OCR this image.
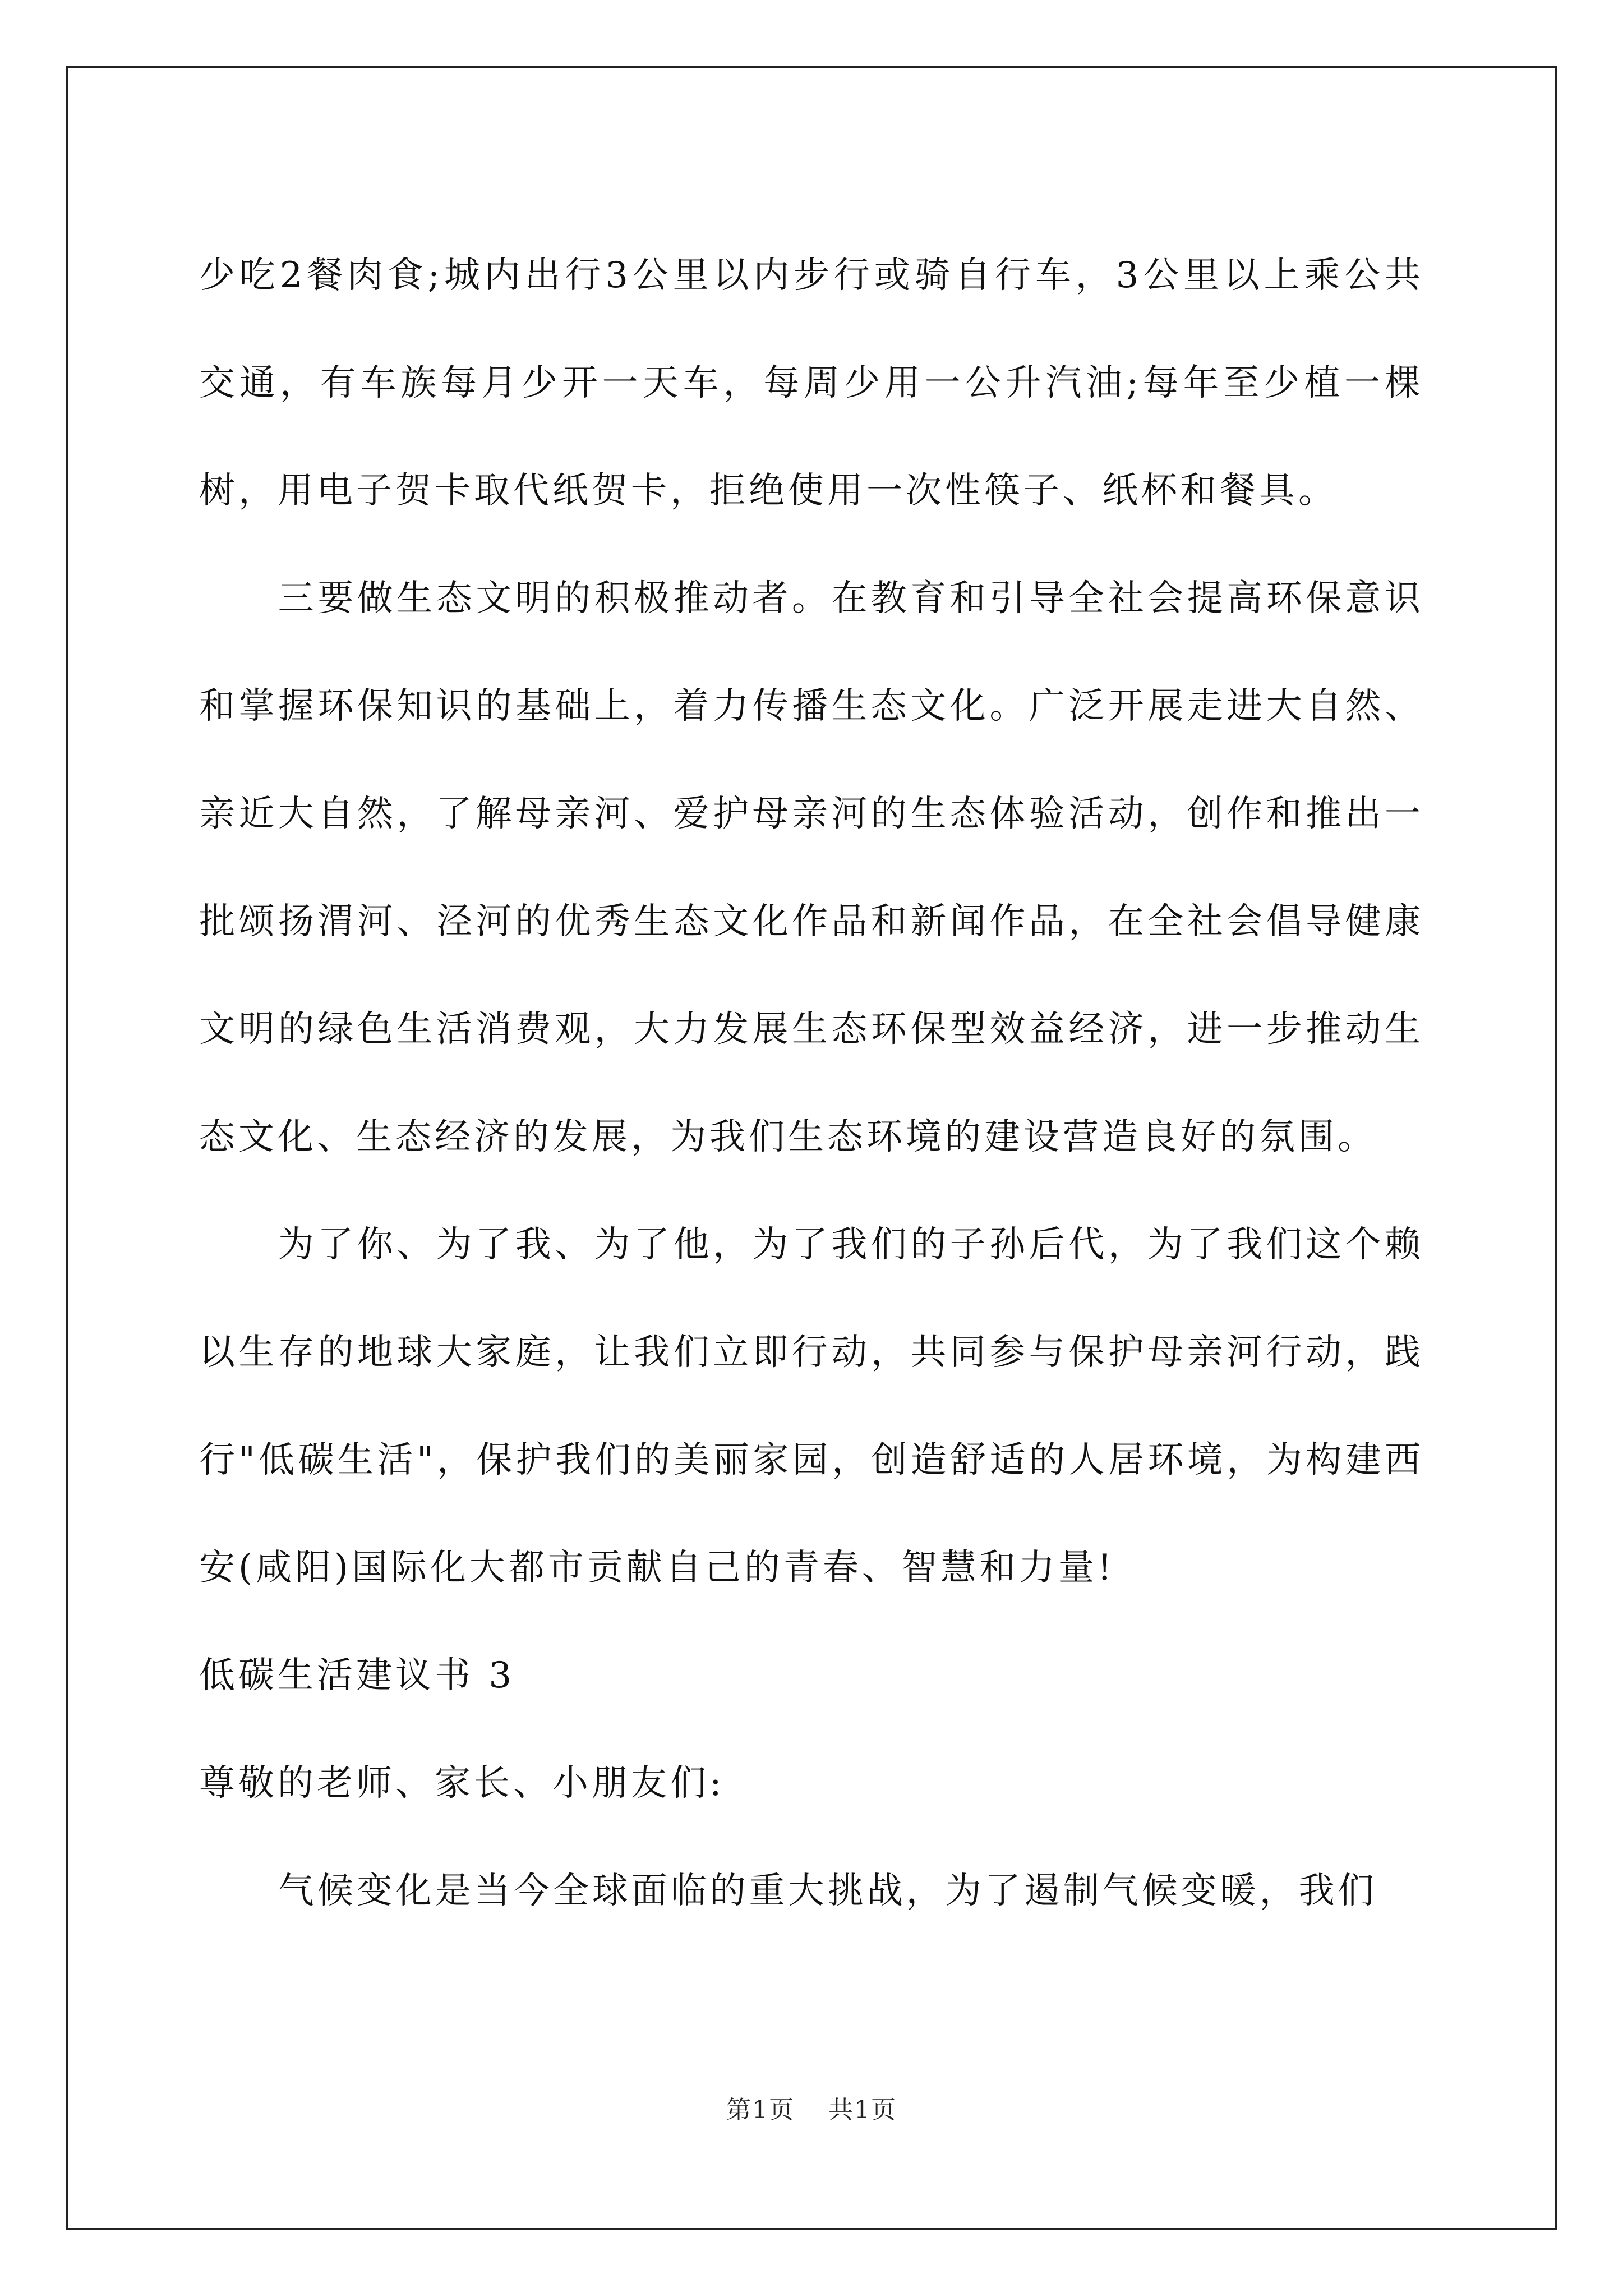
少吃2餐肉食;城内出行3公里以内步行或骑自行车，3公里以上乘公共交通，有车族每月少开一天车，每周少用一公升汽油;每年至少植一棵树，用电子贺卡取代纸贺卡，拒绝使用一次性筷子、纸杯和餐具。

三要做生态文明的积极推动者。在教育和引导全社会提高环保意识和掌握环保知识的基础上，着力传播生态文化。广泛开展走进大自然、亲近大自然，了解母亲河、爱护母亲河的生态体验活动，创作和推出一批颂扬渭河、泾河的优秀生态文化作品和新闻作品，在全社会倡导健康文明的绿色生活消费观，大力发展生态环保型效益经济，进一步推动生态文化、生态经济的发展，为我们生态环境的建设营造良好的氛围。

为了你、为了我、为了他，为了我们的子孙后代，为了我们这个赖以生存的地球大家庭，让我们立即行动，共同参与保护母亲河行动，践行"低碳生活"，保护我们的美丽家园，创造舒适的人居环境，为构建西安(咸阳)国际化大都市贡献自己的青春、智慧和力量!

低碳生活建议书 3

尊敬的老师、家长、小朋友们:

气候变化是当今全球面临的重大挑战，为了遏制气候变暖，我们

第1页 共1页
